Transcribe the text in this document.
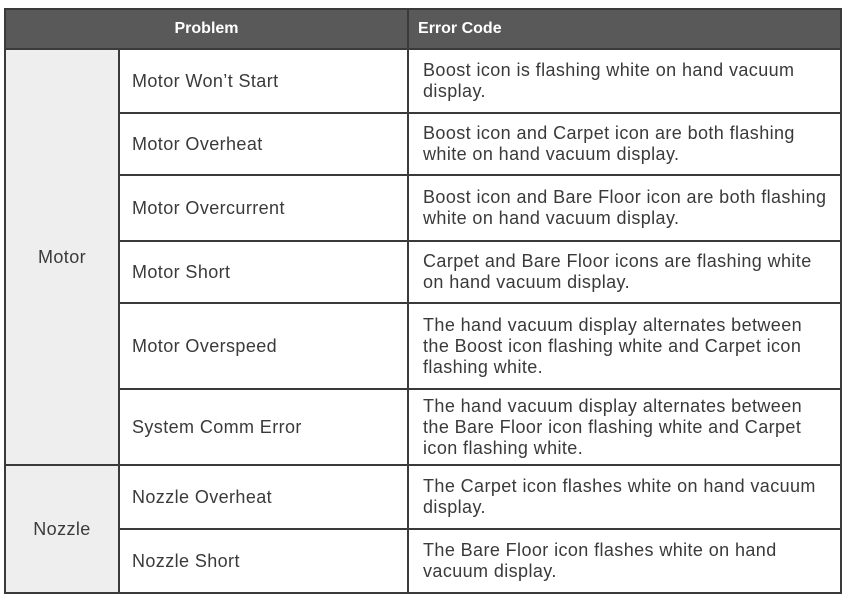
Problem		Error Code
Motor	Motor Won’t Start	Boost icon is flashing white on hand vacuum display.
	Motor Overheat	Boost icon and Carpet icon are both flashing white on hand vacuum display.
	Motor Overcurrent	Boost icon and Bare Floor icon are both flashing white on hand vacuum display.
	Motor Short	Carpet and Bare Floor icons are flashing white on hand vacuum display.
	Motor Overspeed	The hand vacuum display alternates between the Boost icon flashing white and Carpet icon flashing white.
	System Comm Error	The hand vacuum display alternates between the Bare Floor icon flashing white and Carpet icon flashing white.
Nozzle	Nozzle Overheat	The Carpet icon flashes white on hand vacuum display.
	Nozzle Short	The Bare Floor icon flashes white on hand vacuum display.
